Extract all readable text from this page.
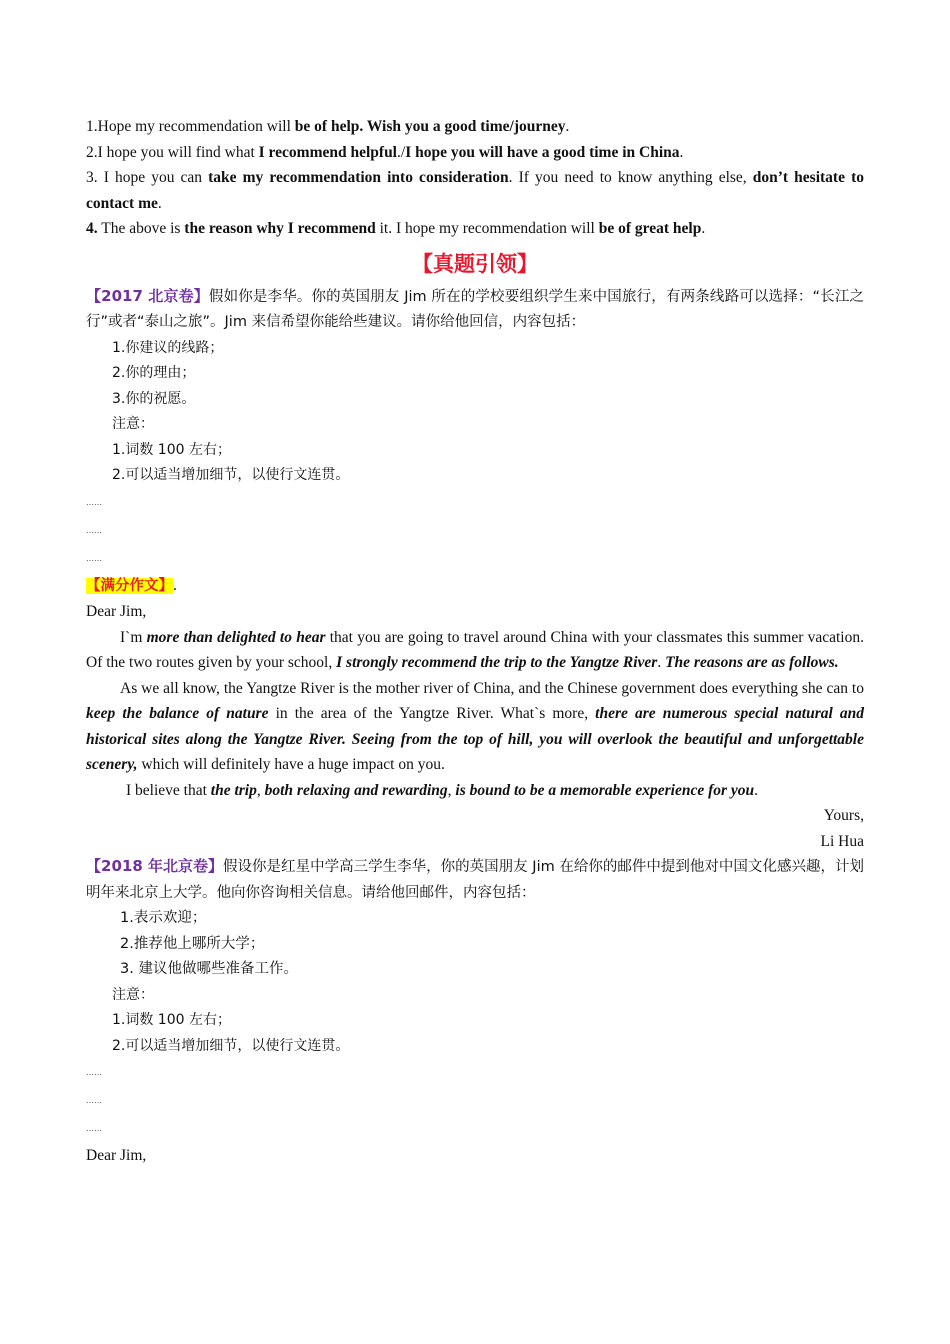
1.Hope my recommendation will be of help. Wish you a good time/journey.

2.I hope you will find what I recommend helpful./I hope you will have a good time in China.

3. I hope you can take my recommendation into consideration. If you need to know anything else, don’t hesitate to contact me.

4. The above is the reason why I recommend it. I hope my recommendation will be of great help.

【真题引领】

【2017 北京卷】假如你是李华。你的英国朋友 Jim 所在的学校要组织学生来中国旅行，有两条线路可以选择：“长江之行”或者“泰山之旅”。Jim 来信希望你能给些建议。请你给他回信，内容包括：

1.你建议的线路；

2.你的理由；

3.你的祝愿。

注意：

1.词数 100 左右；

2.可以适当增加细节，以使行文连贯。

……

……

……

【满分作文】.

Dear Jim,

I`m more than delighted to hear that you are going to travel around China with your classmates this summer vacation. Of the two routes given by your school, I strongly recommend the trip to the Yangtze River. The reasons are as follows.

As we all know, the Yangtze River is the mother river of China, and the Chinese government does everything she can to keep the balance of nature in the area of the Yangtze River. What`s more, there are numerous special natural and historical sites along the Yangtze River. Seeing from the top of hill, you will overlook the beautiful and unforgettable scenery, which will definitely have a huge impact on you.

I believe that the trip, both relaxing and rewarding, is bound to be a memorable experience for you.

Yours,

Li Hua

【2018 年北京卷】假设你是红星中学高三学生李华，你的英国朋友 Jim 在给你的邮件中提到他对中国文化感兴趣，计划明年来北京上大学。他向你咨询相关信息。请给他回邮件，内容包括：

1.表示欢迎；

2.推荐他上哪所大学；

3. 建议他做哪些准备工作。

注意：

1.词数 100 左右；

2.可以适当增加细节，以使行文连贯。

……

……

……

Dear Jim,
